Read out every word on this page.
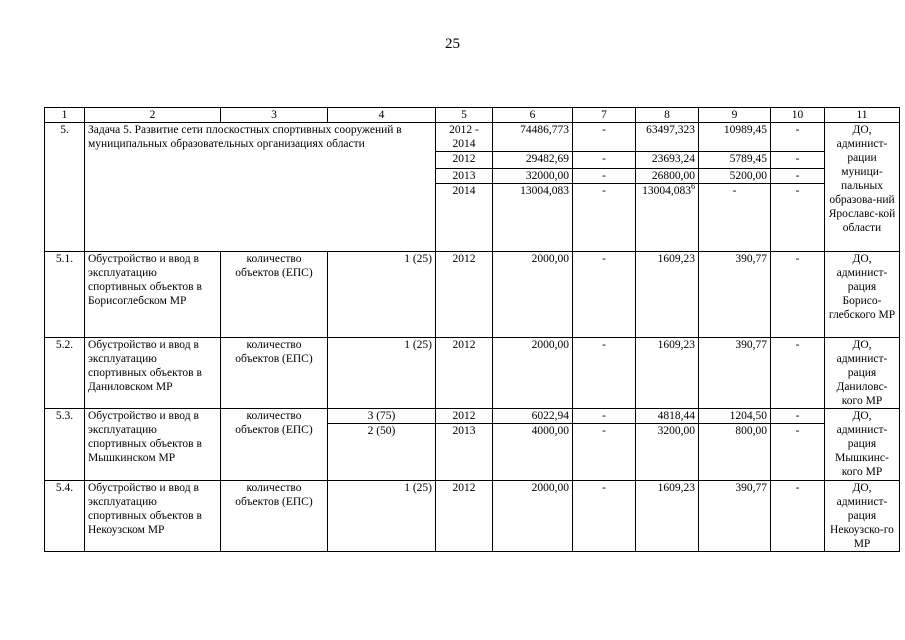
25
1	2	3	4	5	6	7	8	9	10	11
5.	Задача 5. Развитие сети плоскостных спортивных сооружений в муниципальных образовательных организациях области			2012 - 2014	74486,773	-	63497,323	10989,45	-	ДО, админист-рации муници-пальных образова-ний Ярославс-кой области
				2012	29482,69	-	23693,24	5789,45	-	
				2013	32000,00	-	26800,00	5200,00	-	
				2014	13004,083	-	13004,083$^6$	-	-	
5.1.	Обустройство и ввод в эксплуатацию спортивных объектов в Борисоглебском МР	количество объектов (ЕПС)	1 (25)	2012	2000,00	-	1609,23	390,77	-	ДО, админист-рация Борисо-глебского МР
5.2.	Обустройство и ввод в эксплуатацию спортивных объектов в Даниловском МР	количество объектов (ЕПС)	1 (25)	2012	2000,00	-	1609,23	390,77	-	ДО, админист-рация Даниловс-кого МР
5.3.	Обустройство и ввод в эксплуатацию спортивных объектов в Мышкинском МР	количество объектов (ЕПС)	3 (75)	2012	6022,94	-	4818,44	1204,50	-	ДО, админист-рация Мышкинс-кого МР
			2 (50)	2013	4000,00	-	3200,00	800,00	-	
5.4.	Обустройство и ввод в эксплуатацию спортивных объектов в Некоузском МР	количество объектов (ЕПС)	1 (25)	2012	2000,00	-	1609,23	390,77	-	ДО, админист-рация Некоузско-го МР
